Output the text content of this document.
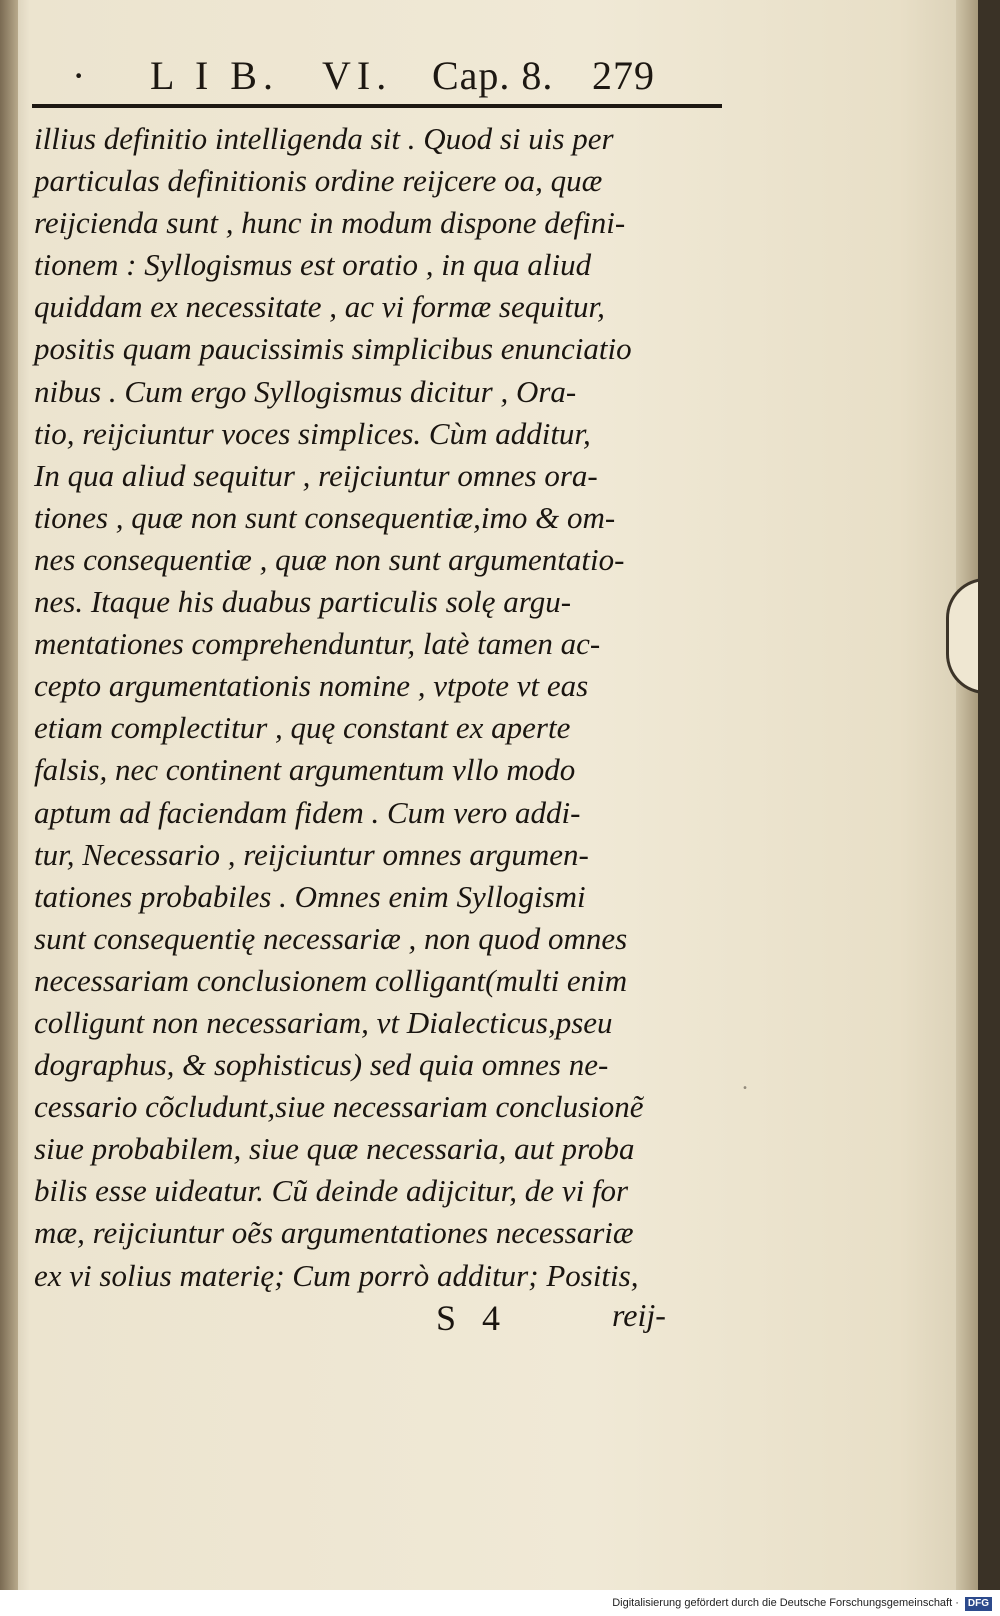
· L I B. VI. Cap. 8. 279
illius definitio intelligenda sit . Quod si uis per
particulas definitionis ordine reijcere oa, quæ
reijcienda sunt , hunc in modum dispone defini-
tionem : Syllogismus est oratio , in qua aliud
quiddam ex necessitate , ac vi formæ sequitur,
positis quam paucissimis simplicibus enunciatio
nibus . Cum ergo Syllogismus dicitur , Ora-
tio, reijciuntur voces simplices. Cùm additur,
In qua aliud sequitur , reijciuntur omnes ora-
tiones , quæ non sunt consequentiæ,imo & om-
nes consequentiæ , quæ non sunt argumentatio-
nes. Itaque his duabus particulis solę argu-
mentationes comprehenduntur, latè tamen ac-
cepto argumentationis nomine , vtpote vt eas
etiam complectitur , quę constant ex aperte
falsis, nec continent argumentum vllo modo
aptum ad faciendam fidem . Cum vero addi-
tur, Necessario , reijciuntur omnes argumen-
tationes probabiles . Omnes enim Syllogismi
sunt consequentię necessariæ , non quod omnes
necessariam conclusionem colligant(multi enim
colligunt non necessariam, vt Dialecticus,pseu
dographus, & sophisticus) sed quia omnes ne-
cessario cõcludunt,siue necessariam conclusionẽ
siue probabilem, siue quæ necessaria, aut proba
bilis esse uideatur. Cũ deinde adijcitur, de vi for
mæ, reijciuntur oẽs argumentationes necessariæ
ex vi solius materię; Cum porrò additur; Positis,
.
S 4	reij-
Digitalisierung gefördert durch die Deutsche Forschungsgemeinschaft · DFG
